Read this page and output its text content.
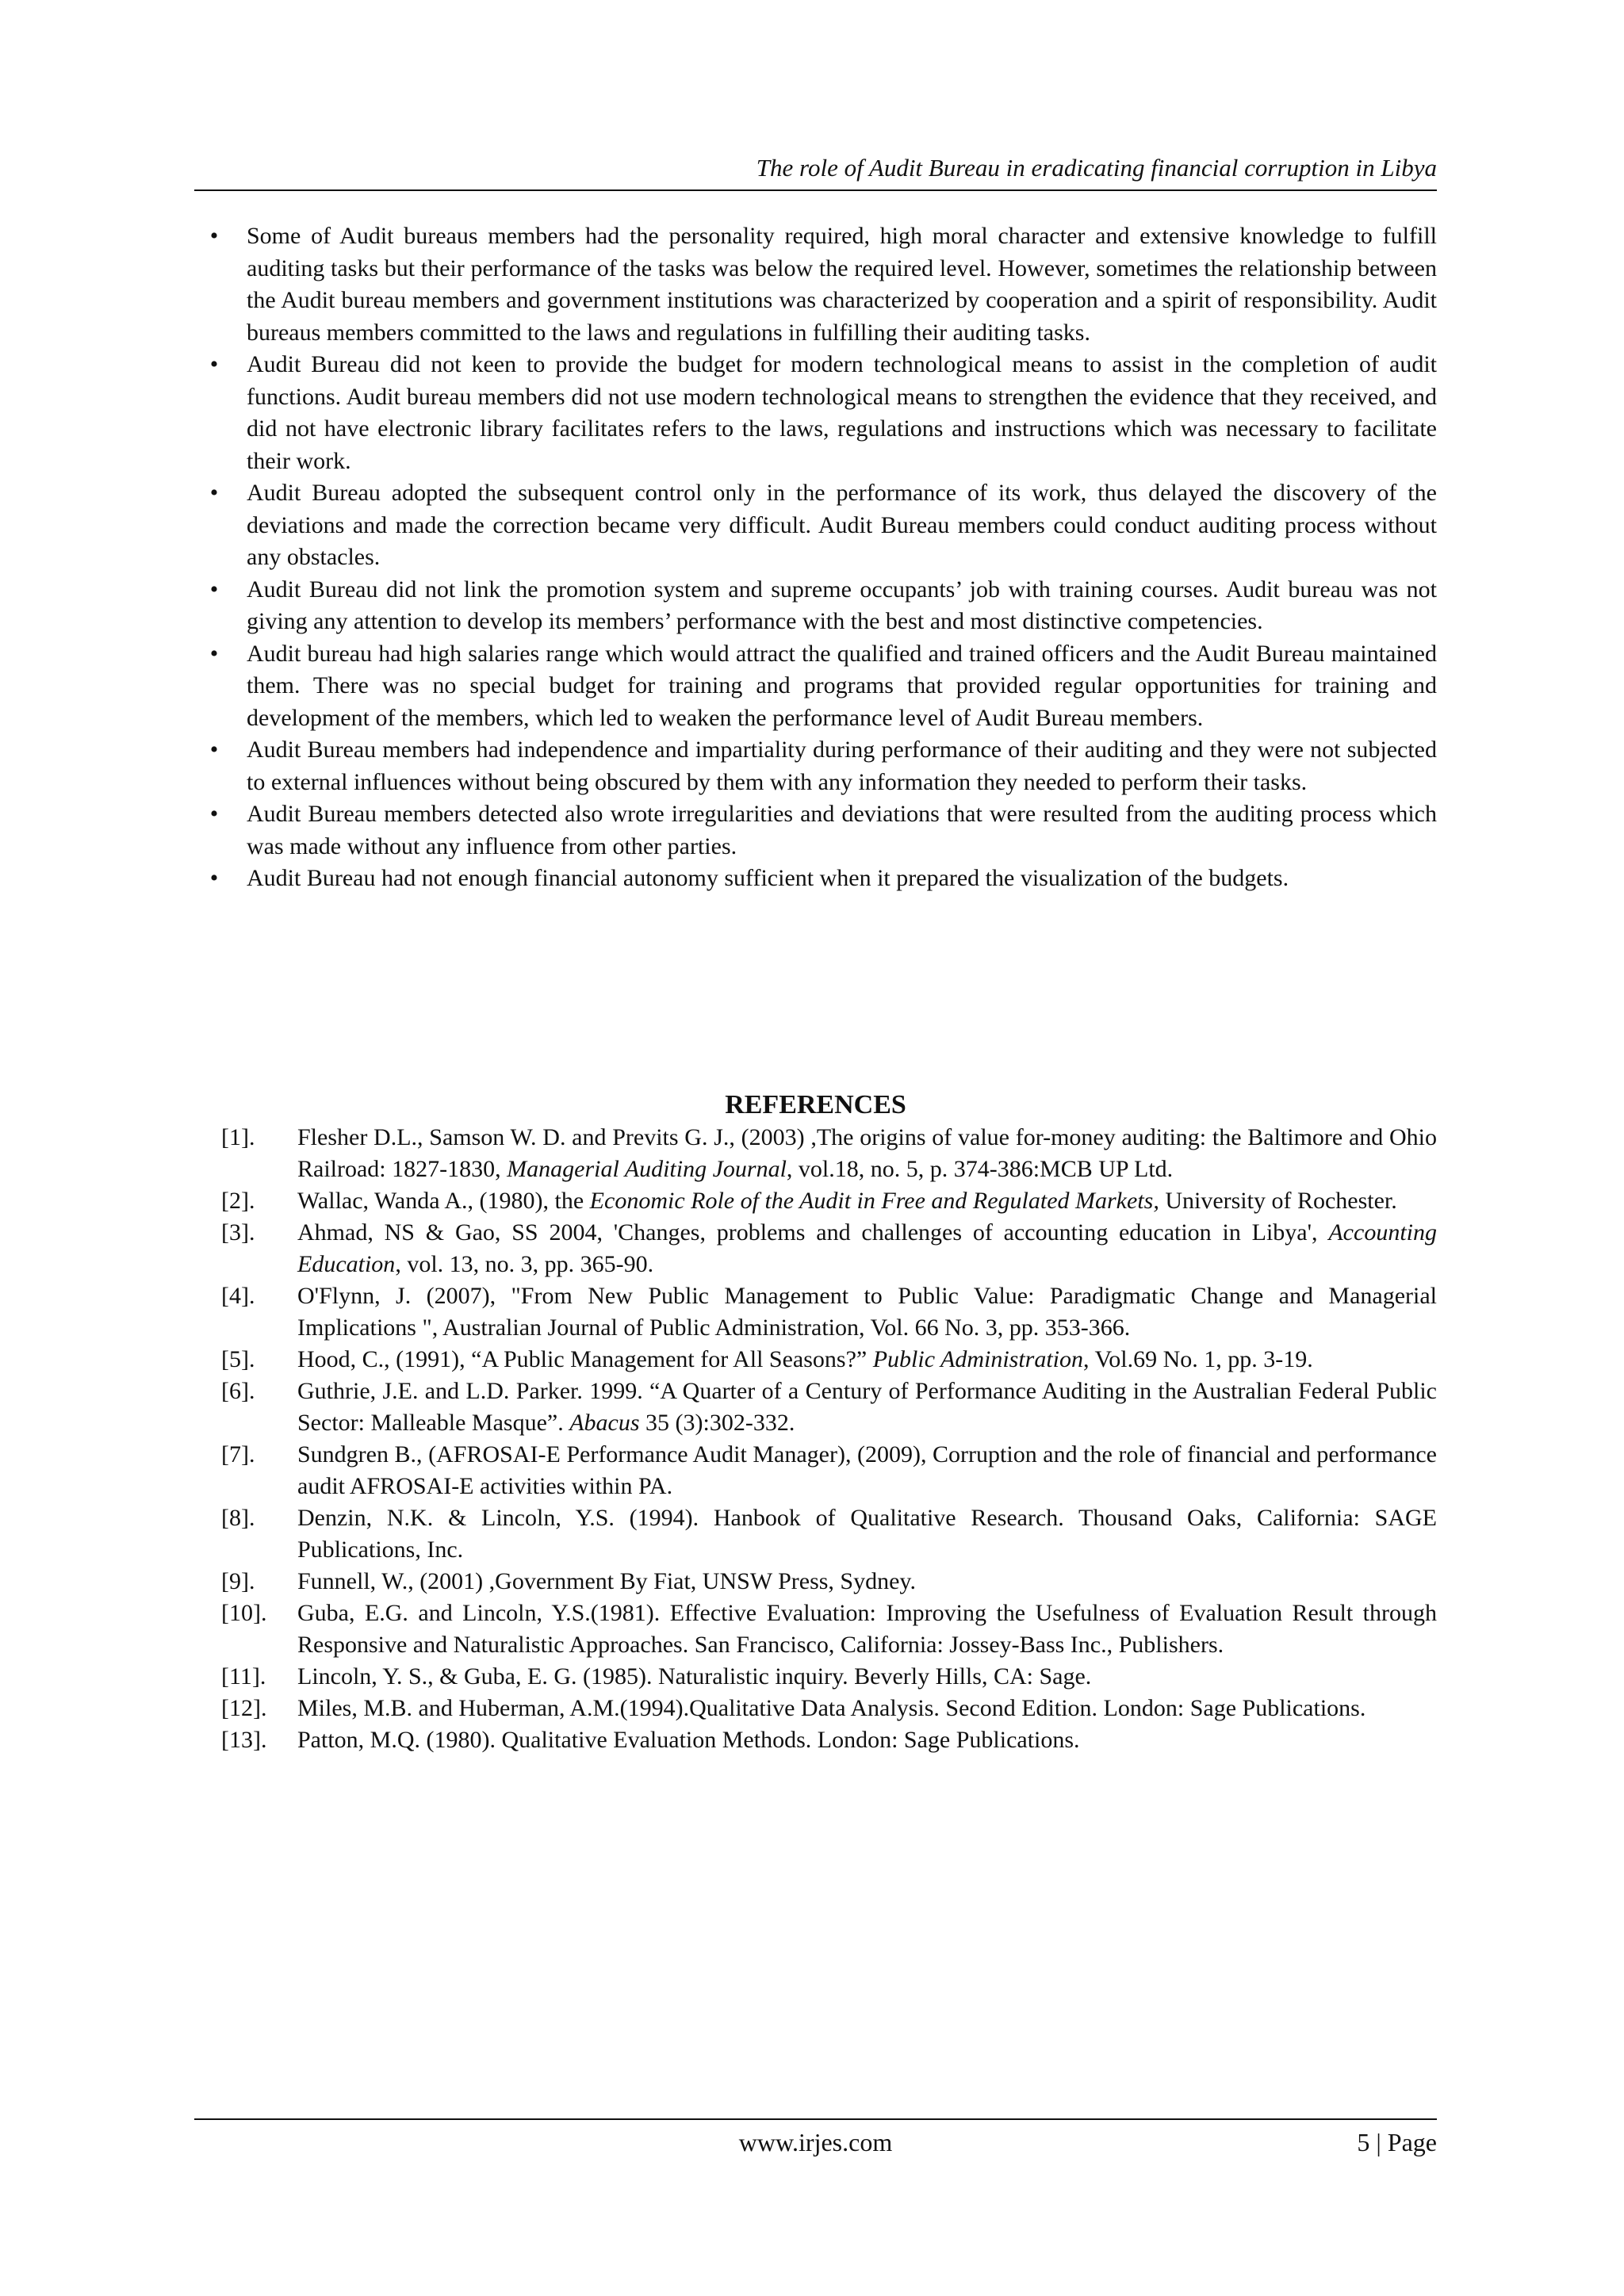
The role of Audit Bureau in eradicating financial corruption in Libya
•	Some of Audit bureaus members had the personality required, high moral character and extensive knowledge to fulfill auditing tasks but their performance of the tasks was below the required level. However, sometimes the relationship between the Audit bureau members and government institutions was characterized by cooperation and a spirit of responsibility. Audit bureaus members committed to the laws and regulations in fulfilling their auditing tasks.
•	Audit Bureau did not keen to provide the budget for modern technological means to assist in the completion of audit functions. Audit bureau members did not use modern technological means to strengthen the evidence that they received, and did not have electronic library facilitates refers to the laws, regulations and instructions which was necessary to facilitate their work.
•	Audit Bureau adopted the subsequent control only in the performance of its work, thus delayed the discovery of the deviations and made the correction became very difficult. Audit Bureau members could conduct auditing process without any obstacles.
•	Audit Bureau did not link the promotion system and supreme occupants’ job with training courses. Audit bureau was not giving any attention to develop its members’ performance with the best and most distinctive competencies.
•	Audit bureau had high salaries range which would attract the qualified and trained officers and the Audit Bureau maintained them. There was no special budget for training and programs that provided regular opportunities for training and development of the members, which led to weaken the performance level of Audit Bureau members.
•	Audit Bureau members had independence and impartiality during performance of their auditing and they were not subjected to external influences without being obscured by them with any information they needed to perform their tasks.
•	Audit Bureau members detected also wrote irregularities and deviations that were resulted from the auditing process which was made without any influence from other parties.
•	Audit Bureau had not enough financial autonomy sufficient when it prepared the visualization of the budgets.
REFERENCES
[1]. Flesher D.L., Samson W. D. and Previts G. J., (2003) ,The origins of value for-money auditing: the Baltimore and Ohio Railroad: 1827-1830, Managerial Auditing Journal, vol.18, no. 5, p. 374-386:MCB UP Ltd.
[2]. Wallac, Wanda A., (1980), the Economic Role of the Audit in Free and Regulated Markets, University of Rochester.
[3]. Ahmad, NS & Gao, SS 2004, 'Changes, problems and challenges of accounting education in Libya', Accounting Education, vol. 13, no. 3, pp. 365-90.
[4]. O'Flynn, J. (2007), "From New Public Management to Public Value: Paradigmatic Change and Managerial Implications ", Australian Journal of Public Administration, Vol. 66 No. 3, pp. 353-366.
[5]. Hood, C., (1991), “A Public Management for All Seasons?” Public Administration, Vol.69 No. 1, pp. 3-19.
[6]. Guthrie, J.E. and L.D. Parker. 1999. “A Quarter of a Century of Performance Auditing in the Australian Federal Public Sector: Malleable Masque”. Abacus 35 (3):302-332.
[7]. Sundgren B., (AFROSAI-E Performance Audit Manager), (2009), Corruption and the role of financial and performance audit AFROSAI-E activities within PA.
[8]. Denzin, N.K. & Lincoln, Y.S. (1994). Hanbook of Qualitative Research. Thousand Oaks, California: SAGE Publications, Inc.
[9]. Funnell, W., (2001) ,Government By Fiat, UNSW Press, Sydney.
[10]. Guba, E.G. and Lincoln, Y.S.(1981). Effective Evaluation: Improving the Usefulness of Evaluation Result through Responsive and Naturalistic Approaches. San Francisco, California: Jossey-Bass Inc., Publishers.
[11]. Lincoln, Y. S., & Guba, E. G. (1985). Naturalistic inquiry. Beverly Hills, CA: Sage.
[12]. Miles, M.B. and Huberman, A.M.(1994).Qualitative Data Analysis. Second Edition. London: Sage Publications.
[13]. Patton, M.Q. (1980). Qualitative Evaluation Methods. London: Sage Publications.
www.irjes.com	5 | Page
